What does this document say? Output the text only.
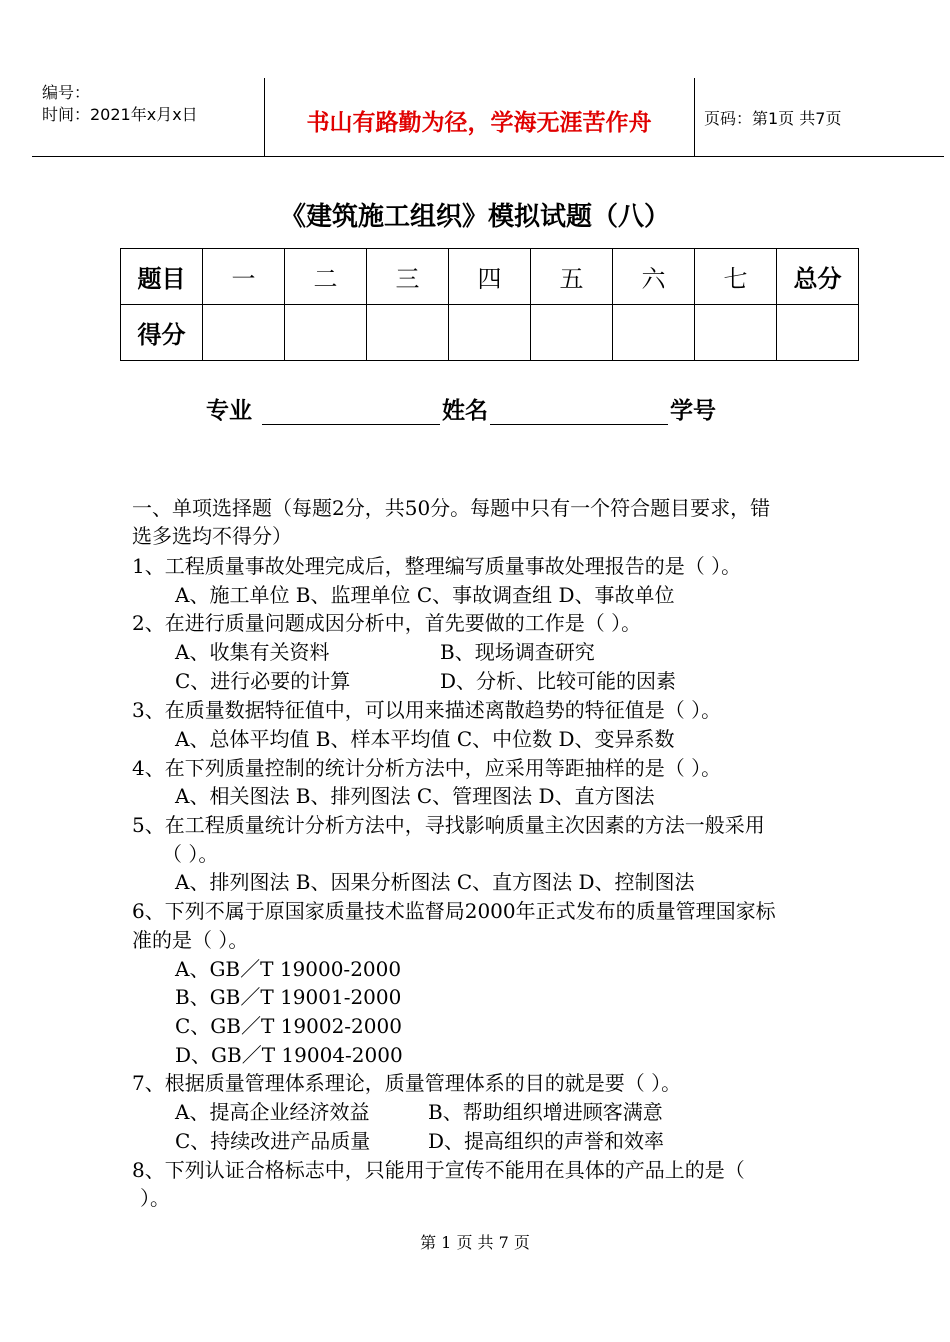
编号：
时间：2021年x月x日	书山有路勤为径，学海无涯苦作舟	页码：第1页 共7页
《建筑施工组织》模拟试题（八）
题目	一	二	三	四	五	六	七	总分
得分								
专业	姓名	学号
一、单项选择题（每题2分，共50分。每题中只有一个符合题目要求，错
选多选均不得分）
1、工程质量事故处理完成后，整理编写质量事故处理报告的是（ ）。
A、施工单位 B、监理单位 C、事故调查组 D、事故单位
2、在进行质量问题成因分析中，首先要做的工作是（ ）。
A、收集有关资料	B、现场调查研究
C、进行必要的计算	D、分析、比较可能的因素
3、在质量数据特征值中，可以用来描述离散趋势的特征值是（ ）。
A、总体平均值 B、样本平均值 C、中位数 D、变异系数
4、在下列质量控制的统计分析方法中，应采用等距抽样的是（ ）。
A、相关图法 B、排列图法 C、管理图法 D、直方图法
5、在工程质量统计分析方法中，寻找影响质量主次因素的方法一般采用
（ ）。
A、排列图法 B、因果分析图法 C、直方图法 D、控制图法
6、下列不属于原国家质量技术监督局2000年正式发布的质量管理国家标
准的是（ ）。
A、GB／T 19000-2000
B、GB／T 19001-2000
C、GB／T 19002-2000
D、GB／T 19004-2000
7、根据质量管理体系理论，质量管理体系的目的就是要（ ）。
A、提高企业经济效益	B、帮助组织增进顾客满意
C、持续改进产品质量	D、提高组织的声誉和效率
8、下列认证合格标志中，只能用于宣传不能用在具体的产品上的是（
）。
第 1 页 共 7 页
